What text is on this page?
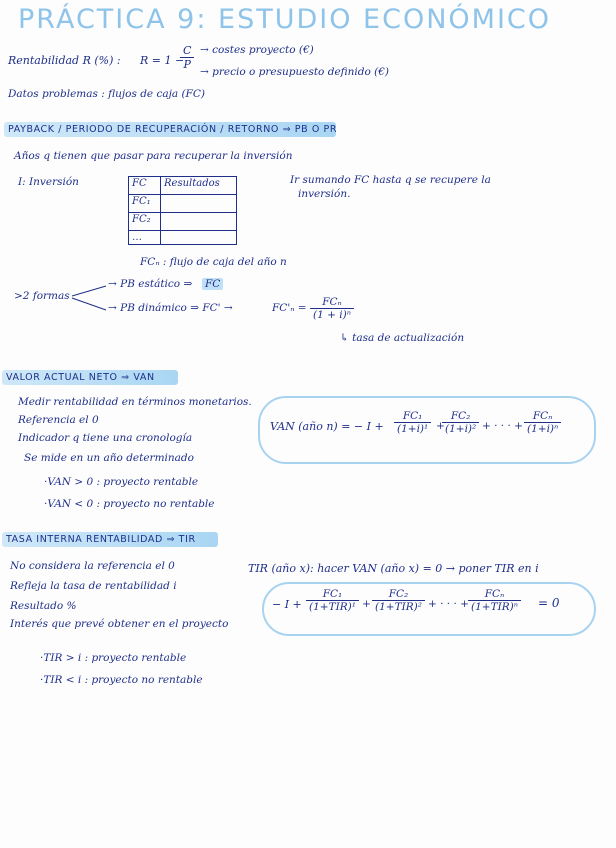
PRÁCTICA 9: ESTUDIO ECONÓMICO
Rentabilidad R (%) : R = 1 −
$\frac{C}{P}$ → costes proyecto (€)
→ precio o presupuesto definido (€)
Datos problemas : flujos de caja (FC)
PAYBACK / PERIODO DE RECUPERACIÓN / RETORNO ⇒ PB O PR
Años q tienen que pasar para recuperar la inversión
I: Inversión	FC	Resultados
FC₁
FC₂
…
Ir sumando FC hasta q se recupere la
inversión.
FCₙ : flujo de caja del año n
>2 formas
→ PB estático ⇒ FC
→ PB dinámico ⇒ FC' →	FC'ₙ =	FCₙ
(1 + i)ⁿ
↳ tasa de actualización
VALOR ACTUAL NETO ⇒ VAN
Medir rentabilidad en términos monetarios.
Referencia el 0
Indicador q tiene una cronología
Se mide en un año determinado
·VAN > 0 : proyecto rentable
·VAN < 0 : proyecto no rentable
VAN (año n) = − $I + \frac{\text{FC₁}}{\text{(1+i)¹}}$ +
$\frac{\text{FC₂}}{\text{(1+i)²}}$ + · · · +
FCₙ
(1+i)ⁿ
TASA INTERNA RENTABILIDAD ⇒ TIR
No considera la referencia el 0
Refleja la tasa de rentabilidad i
Resultado %
Interés que prevé obtener en el proyecto
·TIR > i : proyecto rentable
·TIR < i : proyecto no rentable
TIR (año x): hacer VAN (año x) = 0 → poner TIR en i
− I +
FC₁
(1+TIR)¹ +
FC₂
(1+TIR)² + · · · +
FCₙ
(1+TIR)ⁿ = 0
